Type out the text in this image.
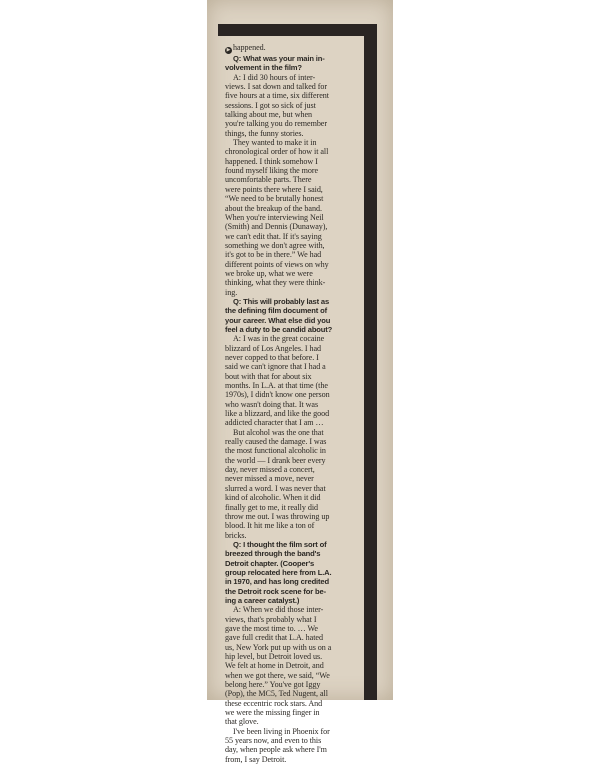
▶ happened.

Q: What was your main in-
volvement in the film?

A: I did 30 hours of inter-
views. I sat down and talked for
five hours at a time, six different
sessions. I got so sick of just
talking about me, but when
you're talking you do remember
things, the funny stories.

They wanted to make it in
chronological order of how it all
happened. I think somehow I
found myself liking the more
uncomfortable parts. There
were points there where I said,
“We need to be brutally honest
about the breakup of the band.
When you're interviewing Neil
(Smith) and Dennis (Dunaway),
we can't edit that. If it's saying
something we don't agree with,
it's got to be in there.” We had
different points of views on why
we broke up, what we were
thinking, what they were think-
ing.

Q: This will probably last as
the defining film document of
your career. What else did you
feel a duty to be candid about?

A: I was in the great cocaine
blizzard of Los Angeles. I had
never copped to that before. I
said we can't ignore that I had a
bout with that for about six
months. In L.A. at that time (the
1970s), I didn't know one person
who wasn't doing that. It was
like a blizzard, and like the good
addicted character that I am …

But alcohol was the one that
really caused the damage. I was
the most functional alcoholic in
the world — I drank beer every
day, never missed a concert,
never missed a move, never
slurred a word. I was never that
kind of alcoholic. When it did
finally get to me, it really did
throw me out. I was throwing up
blood. It hit me like a ton of
bricks.

Q: I thought the film sort of
breezed through the band's
Detroit chapter. (Cooper's
group relocated here from L.A.
in 1970, and has long credited
the Detroit rock scene for be-
ing a career catalyst.)

A: When we did those inter-
views, that's probably what I
gave the most time to. … We
gave full credit that L.A. hated
us, New York put up with us on a
hip level, but Detroit loved us.
We felt at home in Detroit, and
when we got there, we said, “We
belong here.” You've got Iggy
(Pop), the MC5, Ted Nugent, all
these eccentric rock stars. And
we were the missing finger in
that glove.

I've been living in Phoenix for
55 years now, and even to this
day, when people ask where I'm
from, I say Detroit.
